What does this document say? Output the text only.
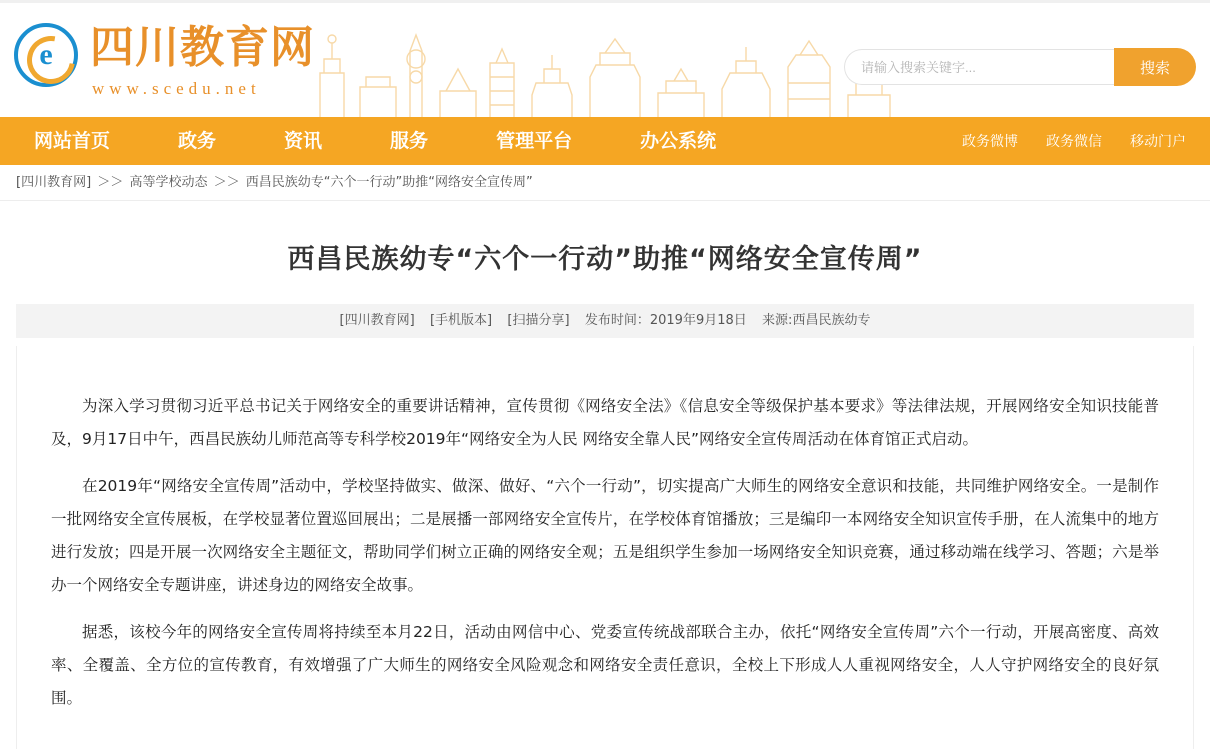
e 四川教育网
www.scedu.net
请输入搜索关键字...
搜索
网站首页	政务	资讯	服务	管理平台	办公系统	政务微博	政务微信	移动门户
[四川教育网] ＞＞ 高等学校动态 ＞＞ 西昌民族幼专“六个一行动”助推“网络安全宣传周”
西昌民族幼专“六个一行动”助推“网络安全宣传周”
[四川教育网] [手机版本] [扫描分享] 发布时间：2019年9月18日 来源:西昌民族幼专

为深入学习贯彻习近平总书记关于网络安全的重要讲话精神，宣传贯彻《网络安全法》《信息安全等级保护基本要求》等法律法规，开展网络安全知识技能普及，9月17日中午，西昌民族幼儿师范高等专科学校2019年“网络安全为人民 网络安全靠人民”网络安全宣传周活动在体育馆正式启动。

在2019年“网络安全宣传周”活动中，学校坚持做实、做深、做好、“六个一行动”，切实提高广大师生的网络安全意识和技能，共同维护网络安全。一是制作一批网络安全宣传展板，在学校显著位置巡回展出；二是展播一部网络安全宣传片，在学校体育馆播放；三是编印一本网络安全知识宣传手册，在人流集中的地方进行发放；四是开展一次网络安全主题征文，帮助同学们树立正确的网络安全观；五是组织学生参加一场网络安全知识竞赛，通过移动端在线学习、答题；六是举办一个网络安全专题讲座，讲述身边的网络安全故事。

据悉，该校今年的网络安全宣传周将持续至本月22日，活动由网信中心、党委宣传统战部联合主办，依托“网络安全宣传周”六个一行动，开展高密度、高效率、全覆盖、全方位的宣传教育，有效增强了广大师生的网络安全风险观念和网络安全责任意识，全校上下形成人人重视网络安全，人人守护网络安全的良好氛围。
